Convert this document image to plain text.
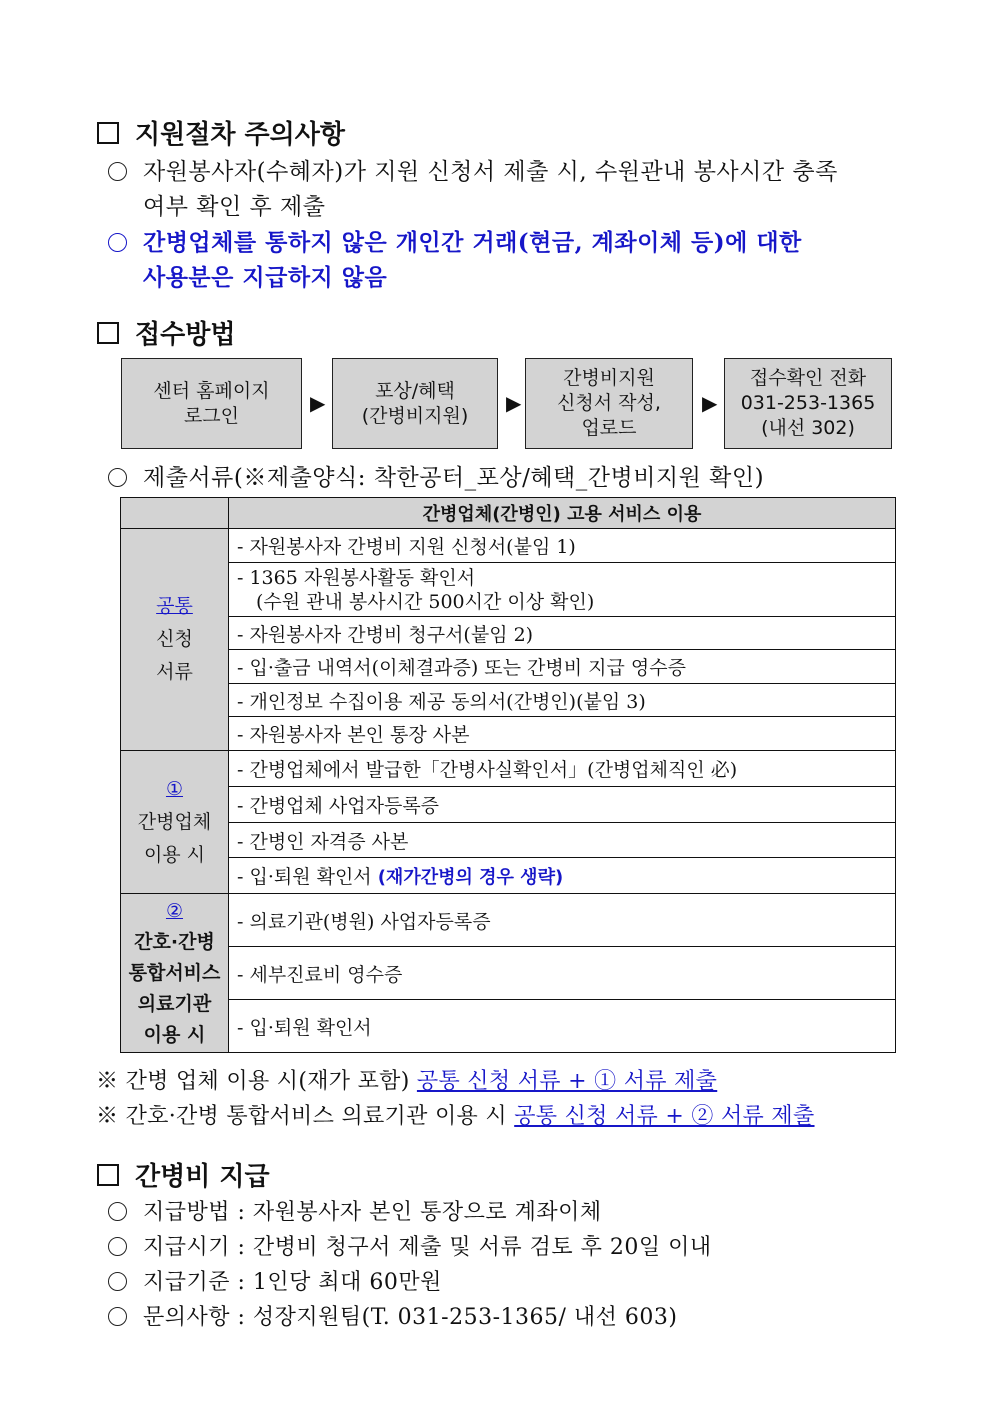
지원절차 주의사항
자원봉사자(수혜자)가 지원 신청서 제출 시, 수원관내 봉사시간 충족
여부 확인 후 제출
간병업체를 통하지 않은 개인간 거래(현금, 계좌이체 등)에 대한
사용분은 지급하지 않음
접수방법
센터 홈페이지
로그인
▶
포상/혜택
(간병비지원)
▶
간병비지원
신청서 작성,
업로드
▶
접수확인 전화
031-253-1365
(내선 302)
제출서류(※제출양식: 착한공터_포상/혜택_간병비지원 확인)
	간병업체(간병인) 고용 서비스 이용

공통
신청
서류	- 자원봉사자 간병비 지원 신청서(붙임 1)

	- 1365 자원봉사활동 확인서
(수원 관내 봉사시간 500시간 이상 확인)

	- 자원봉사자 간병비 청구서(붙임 2)
	- 입·출금 내역서(이체결과증) 또는 간병비 지급 영수증
	- 개인정보 수집이용 제공 동의서(간병인)(붙임 3)
	- 자원봉사자 본인 통장 사본

①
간병업체
이용 시	- 간병업체에서 발급한「간병사실확인서」(간병업체직인 必)
	- 간병업체 사업자등록증
	- 간병인 자격증 사본
	- 입·퇴원 확인서 (재가간병의 경우 생략)

②
간호·간병
통합서비스
의료기관
이용 시	- 의료기관(병원) 사업자등록증
	- 세부진료비 영수증
	- 입·퇴원 확인서
※ 간병 업체 이용 시(재가 포함) 공통 신청 서류 + ① 서류 제출
※ 간호·간병 통합서비스 의료기관 이용 시 공통 신청 서류 + ② 서류 제출
간병비 지급
지급방법 : 자원봉사자 본인 통장으로 계좌이체
지급시기 : 간병비 청구서 제출 및 서류 검토 후 20일 이내
지급기준 : 1인당 최대 60만원
문의사항 : 성장지원팀(T. 031-253-1365/ 내선 603)
